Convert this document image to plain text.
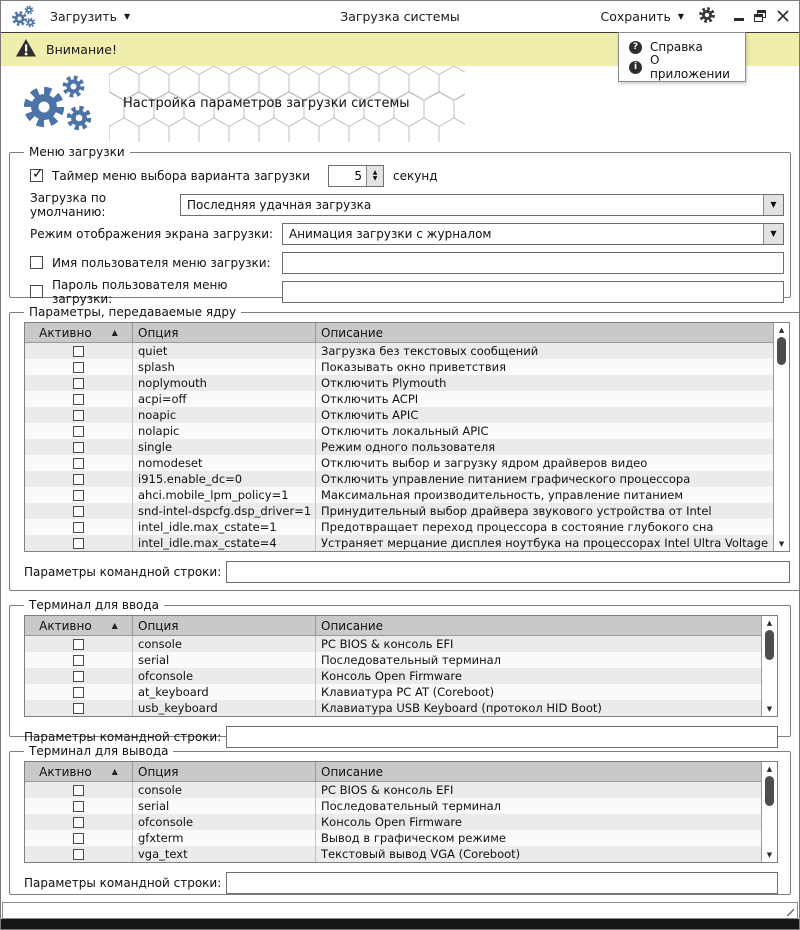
Загрузка системы
Загрузить ▼	Сохранить ▼
Внимание!	? Справка
i	О приложении
Настройка параметров загрузки системы
Меню загрузки
✓
Таймер меню выбора варианта загрузки
5	▲
▼ секунд
Загрузка по умолчанию:	Последняя удачная загрузка	▼
Режим отображения экрана загрузки:	Анимация загрузки с журналом	▼
Имя пользователя меню загрузки:
Пароль пользователя меню загрузки:
Параметры, передаваемые ядру
Активно	▲ Опция	Описание
quiet	Загрузка без текстовых сообщений
splash	Показывать окно приветствия
noplymouth	Отключить Plymouth
acpi=off	Отключить ACPI
noapic	Отключить APIC
nolapic	Отключить локальный APIC
single	Режим одного пользователя
nomodeset	Отключить выбор и загрузку ядром драйверов видео
i915.enable_dc=0	Отключить управление питанием графического процессора
ahci.mobile_lpm_policy=1	Максимальная производительность, управление питанием
snd-intel-dspcfg.dsp_driver=1 Принудительный выбор драйвера звукового устройства от Intel
intel_idle.max_cstate=1	Предотвращает переход процессора в состояние глубокого сна
intel_idle.max_cstate=4	Устраняет мерцание дисплея ноутбука на процессорах Intel Ultra Voltage
▲
▼
Параметры командной строки:
Терминал для ввода
Активно	▲ Опция	Описание
console	PC BIOS & консоль EFI
serial	Последовательный терминал
ofconsole	Консоль Open Firmware
at_keyboard	Клавиатура PC AT (Coreboot)
usb_keyboard	Клавиатура USB Keyboard (протокол HID Boot)
▲
▼
Параметры командной строки:
Терминал для вывода
Активно	▲ Опция	Описание
console	PC BIOS & консоль EFI
serial	Последовательный терминал
ofconsole	Консоль Open Firmware
gfxterm	Вывод в графическом режиме
vga_text	Текстовый вывод VGA (Coreboot)
▲
▼
Параметры командной строки:
